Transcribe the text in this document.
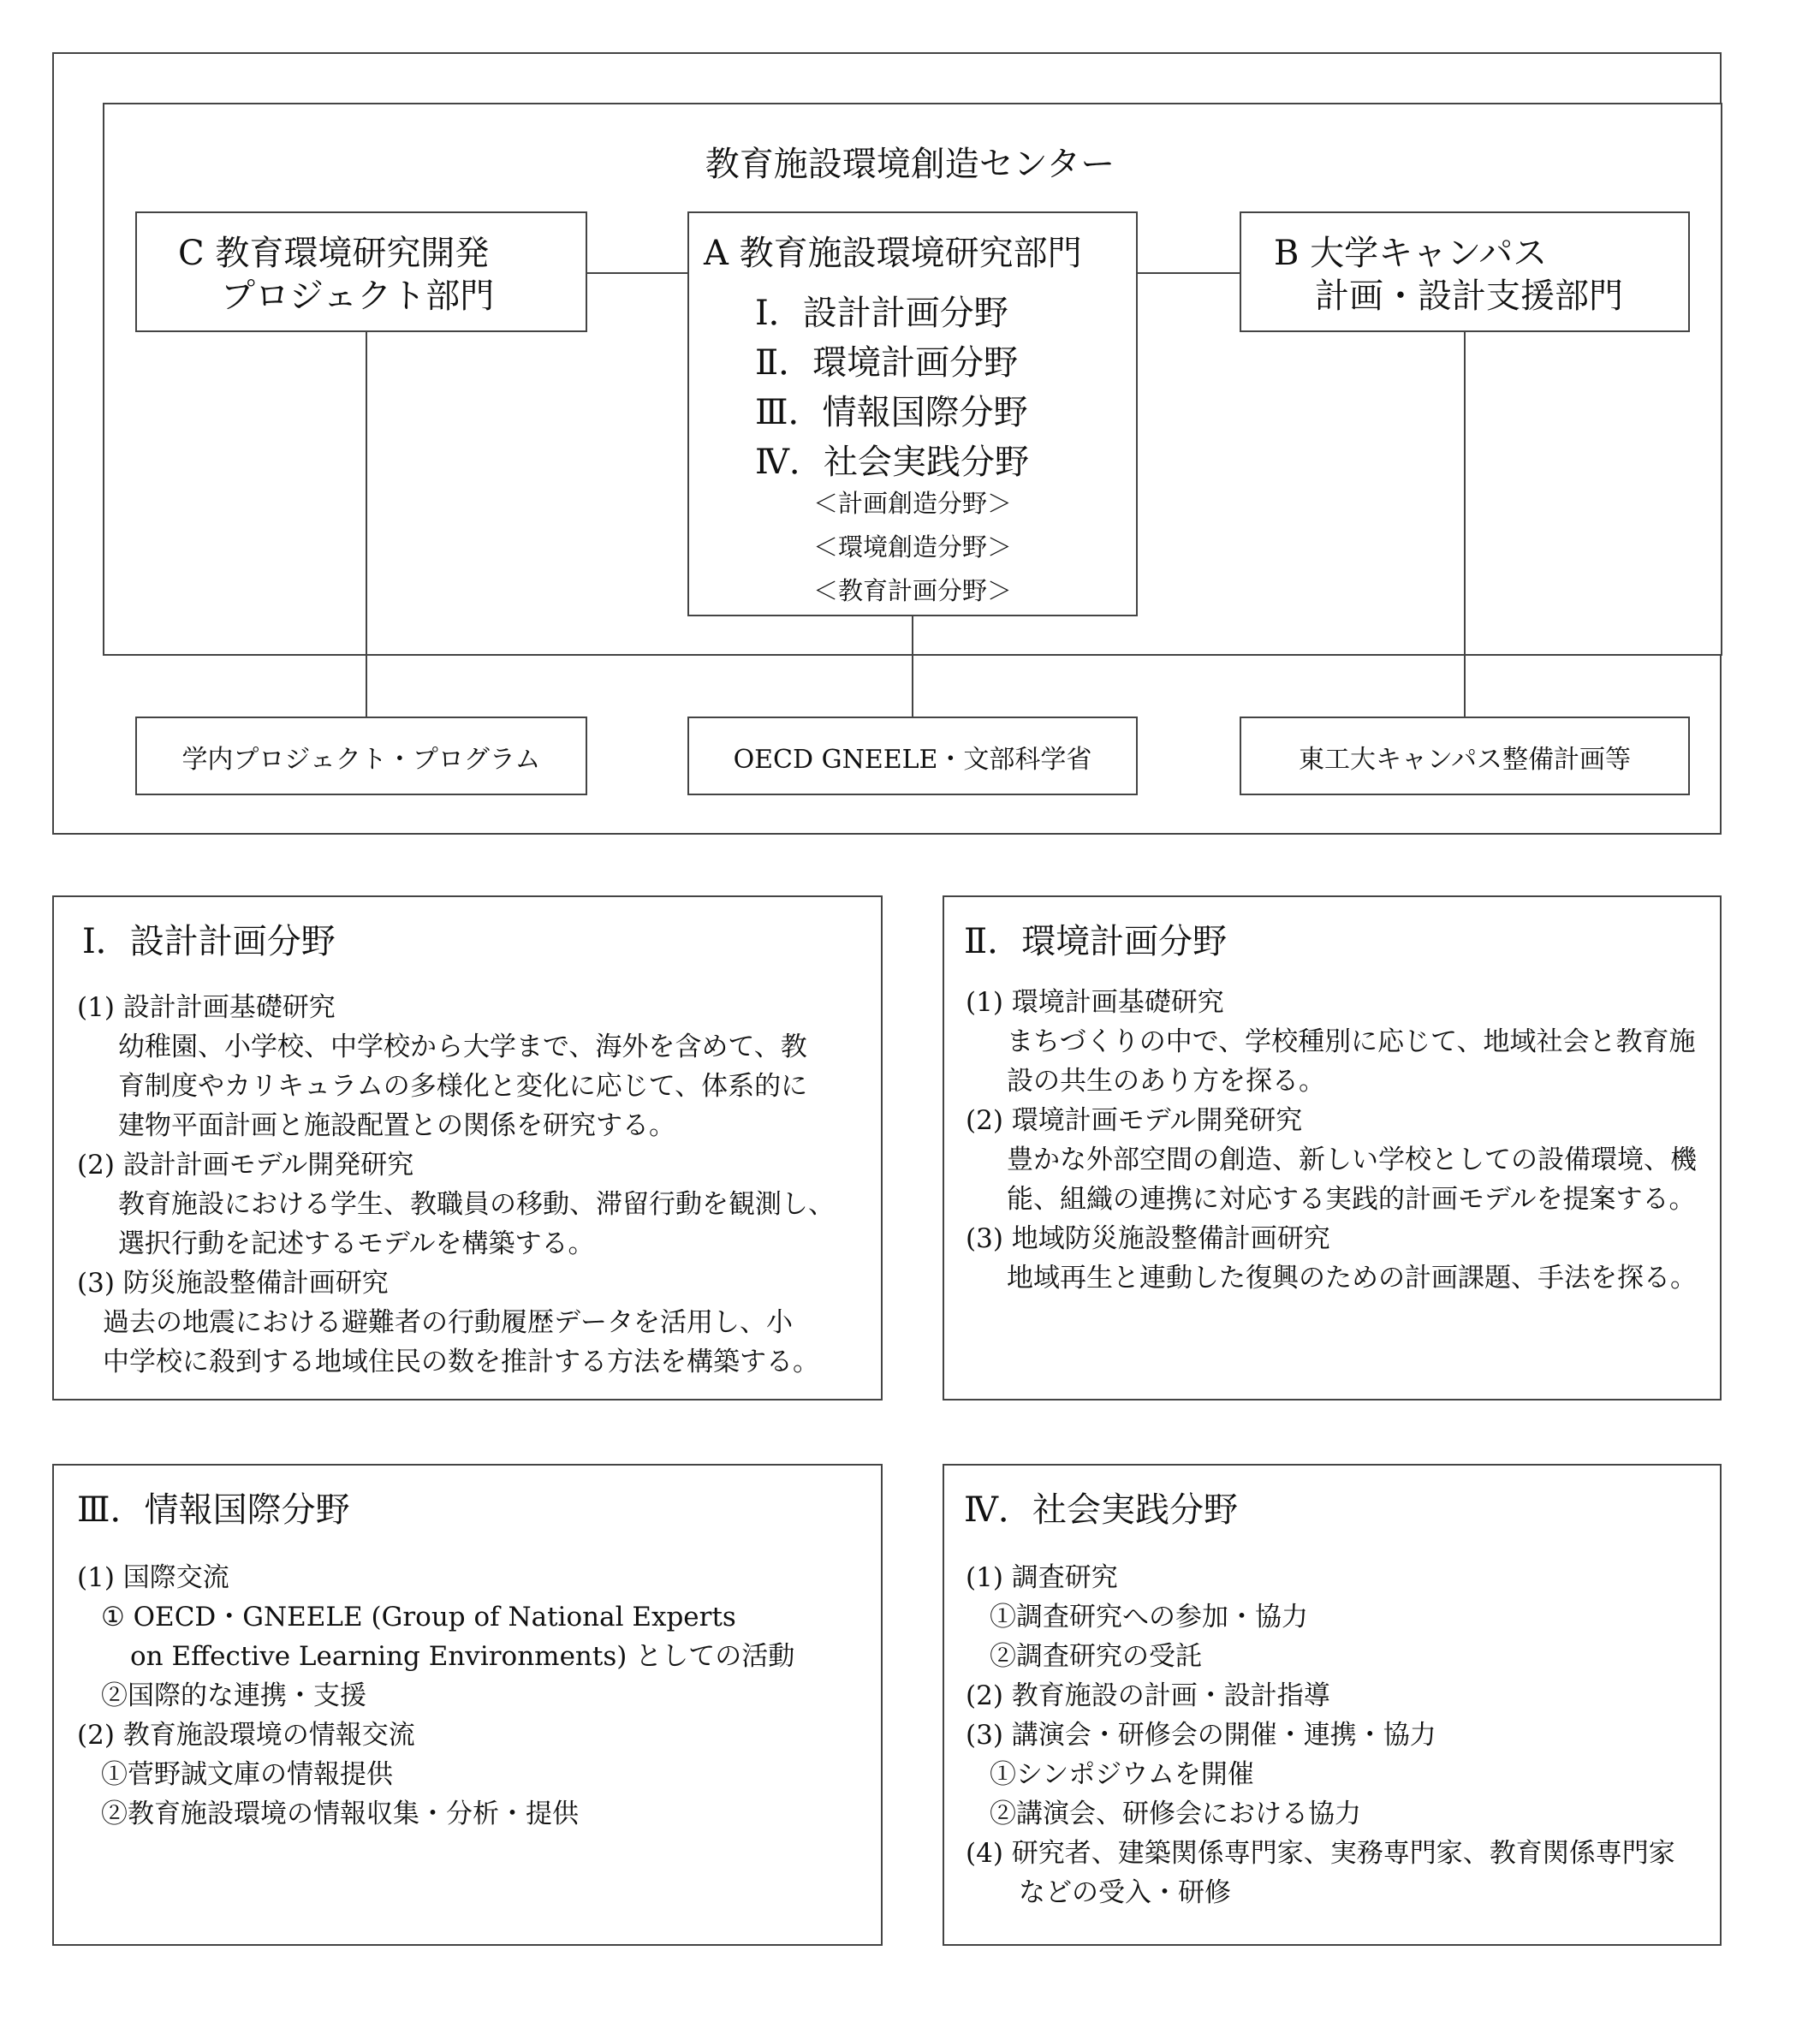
教育施設環境創造センター
C 教育環境研究開発
プロジェクト部門
A 教育施設環境研究部門
Ⅰ．設計計画分野
Ⅱ．環境計画分野
Ⅲ．情報国際分野
Ⅳ．社会実践分野
＜計画創造分野＞
＜環境創造分野＞
＜教育計画分野＞
B 大学キャンパス
計画・設計支援部門
学内プロジェクト・プログラム	OECD GNEELE・文部科学省	東工大キャンパス整備計画等
Ⅰ．設計計画分野
(1) 設計計画基礎研究
幼稚園、小学校、中学校から大学まで、海外を含めて、教
育制度やカリキュラムの多様化と変化に応じて、体系的に
建物平面計画と施設配置との関係を研究する。
(2) 設計計画モデル開発研究
教育施設における学生、教職員の移動、滞留行動を観測し、
選択行動を記述するモデルを構築する。
(3) 防災施設整備計画研究
過去の地震における避難者の行動履歴データを活用し、小
中学校に殺到する地域住民の数を推計する方法を構築する。
Ⅱ．環境計画分野
(1) 環境計画基礎研究
まちづくりの中で、学校種別に応じて、地域社会と教育施
設の共生のあり方を探る。
(2) 環境計画モデル開発研究
豊かな外部空間の創造、新しい学校としての設備環境、機
能、組織の連携に対応する実践的計画モデルを提案する。
(3) 地域防災施設整備計画研究
地域再生と連動した復興のための計画課題、手法を探る。
Ⅲ．情報国際分野
(1) 国際交流
① OECD・GNEELE (Group of National Experts
on Effective Learning Environments) としての活動
②国際的な連携・支援
(2) 教育施設環境の情報交流
①菅野誠文庫の情報提供
②教育施設環境の情報収集・分析・提供
Ⅳ．社会実践分野
(1) 調査研究
①調査研究への参加・協力
②調査研究の受託
(2) 教育施設の計画・設計指導
(3) 講演会・研修会の開催・連携・協力
①シンポジウムを開催
②講演会、研修会における協力
(4) 研究者、建築関係専門家、実務専門家、教育関係専門家
などの受入・研修
